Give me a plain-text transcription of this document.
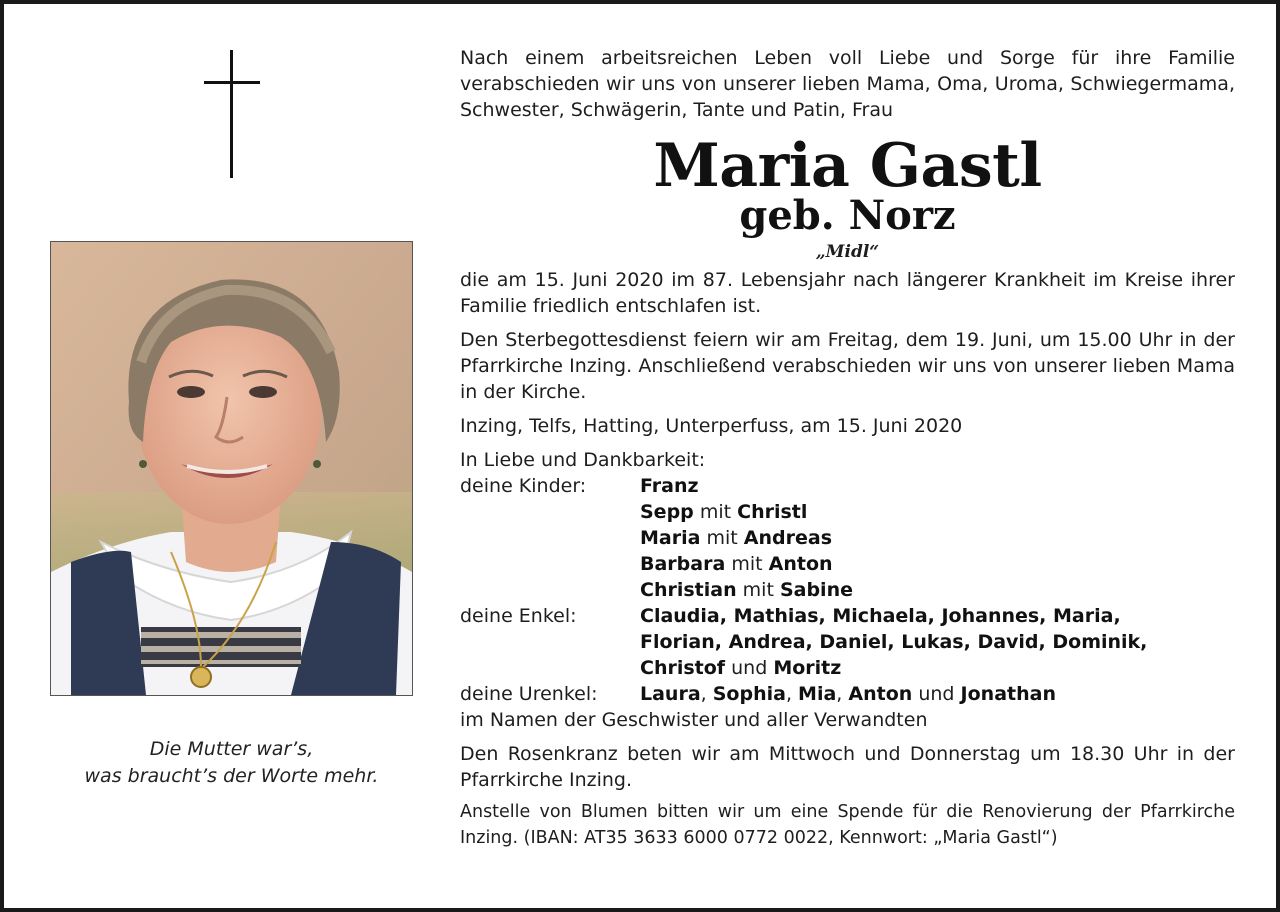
Die Mutter war’s,
was braucht’s der Worte mehr.

Nach einem arbeitsreichen Leben voll Liebe und Sorge für ihre Familie verabschieden wir uns von unserer lieben Mama, Oma, Uroma, Schwiegermama, Schwester, Schwägerin, Tante und Patin, Frau

Maria Gastl
geb. Norz
„Midl“

die am 15. Juni 2020 im 87. Lebensjahr nach längerer Krankheit im Kreise ihrer Familie friedlich entschlafen ist.

Den Sterbegottesdienst feiern wir am Freitag, dem 19. Juni, um 15.00 Uhr in der Pfarrkirche Inzing. Anschließend verabschieden wir uns von unserer lieben Mama in der Kirche.

Inzing, Telfs, Hatting, Unterperfuss, am 15. Juni 2020

In Liebe und Dankbarkeit:

deine Kinder:	Franz
	Sepp mit Christl
	Maria mit Andreas
	Barbara mit Anton
	Christian mit Sabine
deine Enkel:	Claudia, Mathias, Michaela, Johannes, Maria,
	Florian, Andrea, Daniel, Lukas, David, Dominik,
	Christof und Moritz
deine Urenkel:	Laura, Sophia, Mia, Anton und Jonathan

im Namen der Geschwister und aller Verwandten

Den Rosenkranz beten wir am Mittwoch und Donnerstag um 18.30 Uhr in der Pfarrkirche Inzing.

Anstelle von Blumen bitten wir um eine Spende für die Renovierung der Pfarrkirche Inzing. (IBAN: AT35 3633 6000 0772 0022, Kennwort: „Maria Gastl“)
